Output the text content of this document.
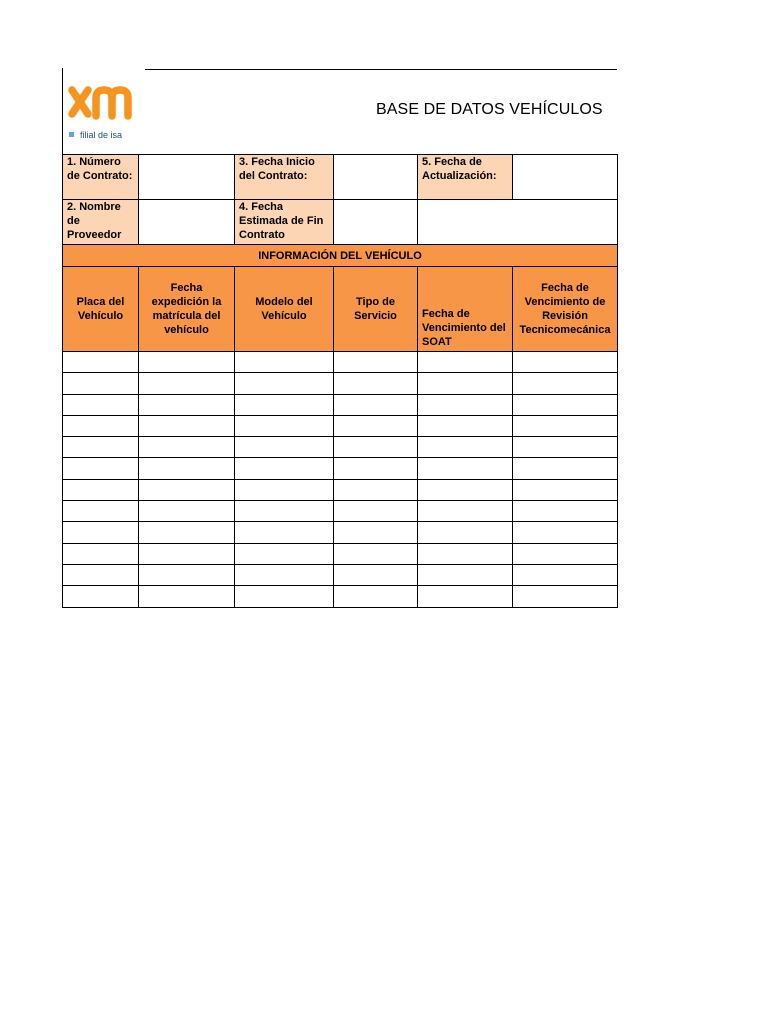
filial de isa
BASE DE DATOS VEHÍCULOS
1. Número de Contrato:		3. Fecha Inicio del Contrato:		5. Fecha de Actualización:	
2. Nombre de Proveedor		4. Fecha Estimada de Fin Contrato			
INFORMACIÓN DEL VEHÍCULO					
Placa del Vehículo	Fecha expedición la matrícula del vehículo	Modelo del Vehículo	Tipo de Servicio	Fecha de Vencimiento del SOAT	Fecha de Vencimiento de Revisión Tecnicomecánica
